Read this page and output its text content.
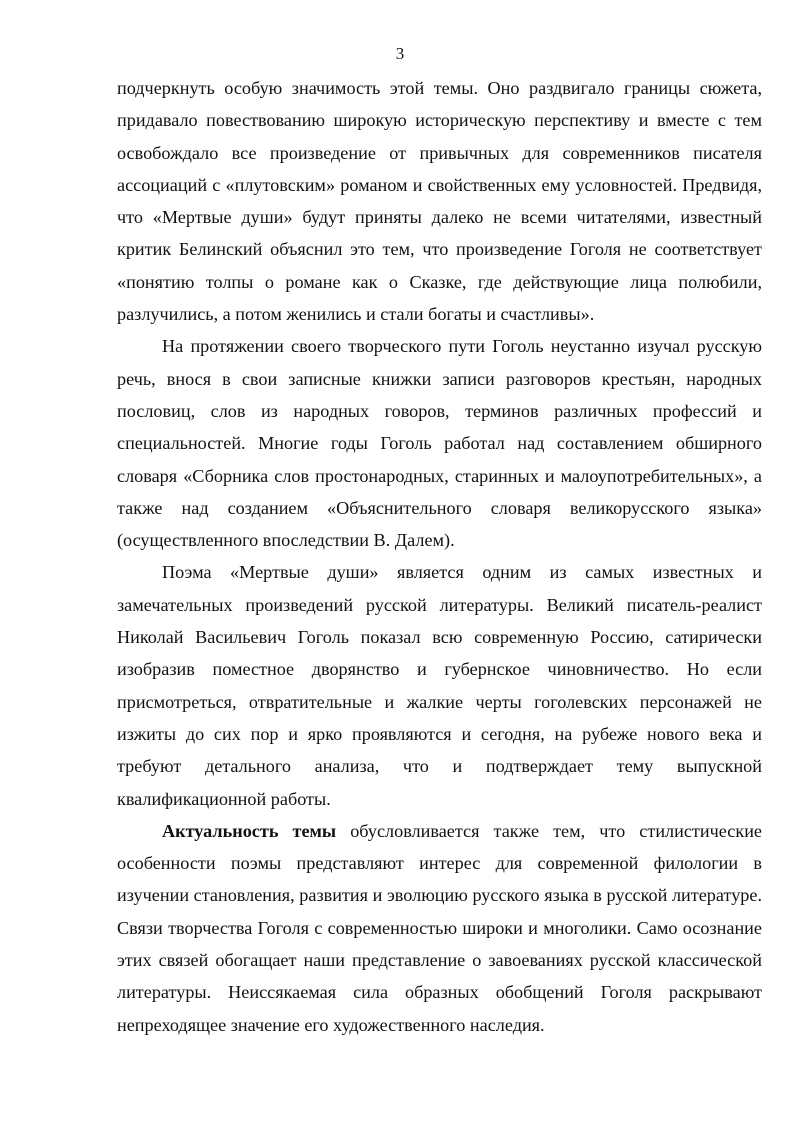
3

подчеркнуть особую значимость этой темы. Оно раздвигало границы сюжета, придавало повествованию широкую историческую перспективу и вместе с тем освобождало все произведение от привычных для современников писателя ассоциаций с «плутовским» романом и свойственных ему условностей. Предвидя, что «Мертвые души» будут приняты далеко не всеми читателями, известный критик Белинский объяснил это тем, что произведение Гоголя не соответствует «понятию толпы о романе как о Сказке, где действующие лица полюбили, разлучились, а потом женились и стали богаты и счастливы».

На протяжении своего творческого пути Гоголь неустанно изучал русскую речь, внося в свои записные книжки записи разговоров крестьян, народных пословиц, слов из народных говоров, терминов различных профессий и специальностей. Многие годы Гоголь работал над составлением обширного словаря «Сборника слов простонародных, старинных и малоупотребительных», а также над созданием «Объяснительного словаря великорусского языка» (осуществленного впоследствии В. Далем).

Поэма «Мертвые души» является одним из самых известных и замечательных произведений русской литературы. Великий писатель-реалист Николай Васильевич Гоголь показал всю современную Россию, сатирически изобразив поместное дворянство и губернское чиновничество. Но если присмотреться, отвратительные и жалкие черты гоголевских персонажей не изжиты до сих пор и ярко проявляются и сегодня, на рубеже нового века и требуют детального анализа, что и подтверждает тему выпускной квалификационной работы.

Актуальность темы обусловливается также тем, что стилистические особенности поэмы представляют интерес для современной филологии в изучении становления, развития и эволюцию русского языка в русской литературе. Связи творчества Гоголя с современностью широки и многолики. Само осознание этих связей обогащает наши представление о завоеваниях русской классической литературы. Неиссякаемая сила образных обобщений Гоголя раскрывают непреходящее значение его художественного наследия.
